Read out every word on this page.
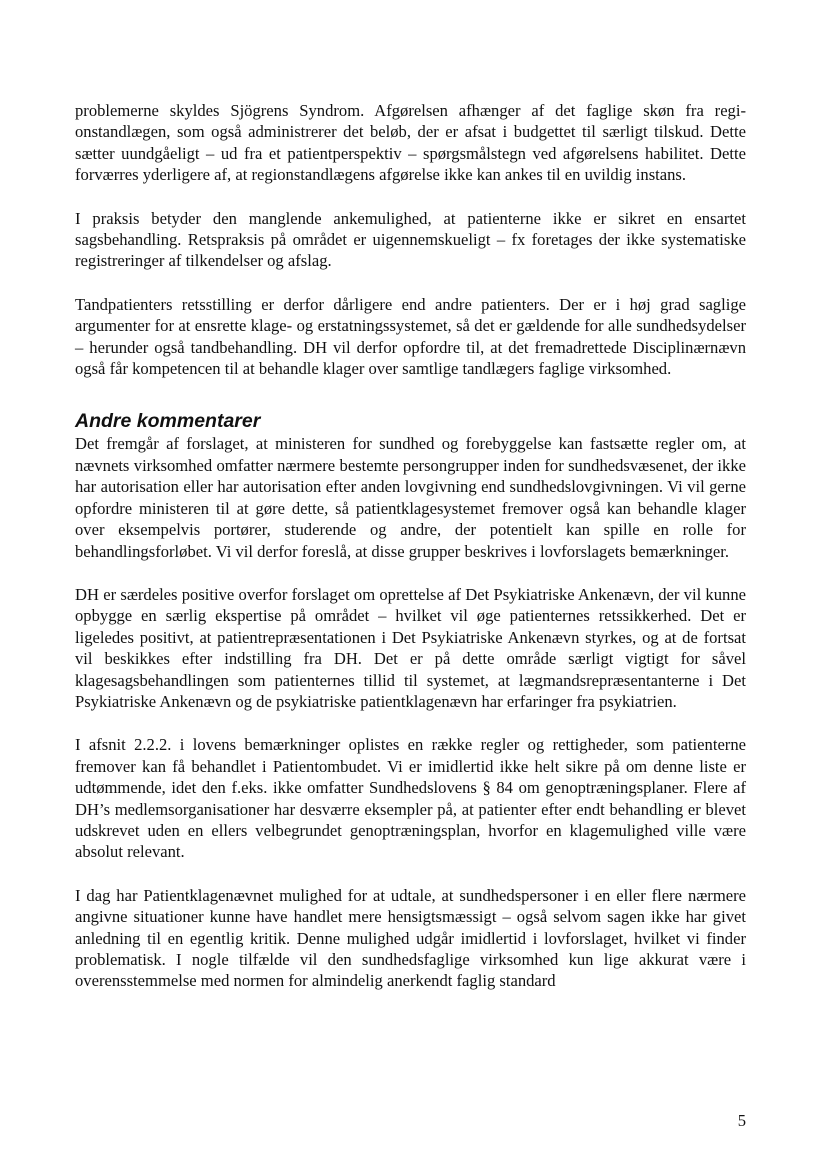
problemerne skyldes Sjögrens Syndrom. Afgørelsen afhænger af det faglige skøn fra regionstandlægen, som også administrerer det beløb, der er afsat i budgettet til særligt tilskud. Dette sætter uundgåeligt – ud fra et patientperspektiv – spørgsmålstegn ved afgørelsens habilitet. Dette forværres yderligere af, at regionstandlægens afgørelse ikke kan ankes til en uvildig instans.

I praksis betyder den manglende ankemulighed, at patienterne ikke er sikret en ensartet sagsbehandling. Retspraksis på området er uigennemskueligt – fx foretages der ikke systematiske registreringer af tilkendelser og afslag.

Tandpatienters retsstilling er derfor dårligere end andre patienters. Der er i høj grad saglige argumenter for at ensrette klage- og erstatningssystemet, så det er gældende for alle sundhedsydelser – herunder også tandbehandling. DH vil derfor opfordre til, at det fremadrettede Disciplinærnævn også får kompetencen til at behandle klager over samtlige tandlægers faglige virksomhed.

Andre kommentarer

Det fremgår af forslaget, at ministeren for sundhed og forebyggelse kan fastsætte regler om, at nævnets virksomhed omfatter nærmere bestemte persongrupper inden for sundhedsvæsenet, der ikke har autorisation eller har autorisation efter anden lovgivning end sundhedslovgivningen. Vi vil gerne opfordre ministeren til at gøre dette, så patientklagesystemet fremover også kan behandle klager over eksempelvis portører, studerende og andre, der potentielt kan spille en rolle for behandlingsforløbet. Vi vil derfor foreslå, at disse grupper beskrives i lovforslagets bemærkninger.

DH er særdeles positive overfor forslaget om oprettelse af Det Psykiatriske Ankenævn, der vil kunne opbygge en særlig ekspertise på området – hvilket vil øge patienternes retssikkerhed. Det er ligeledes positivt, at patientrepræsentationen i Det Psykiatriske Ankenævn styrkes, og at de fortsat vil beskikkes efter indstilling fra DH. Det er på dette område særligt vigtigt for såvel klagesagsbehandlingen som patienternes tillid til systemet, at lægmandsrepræsentanterne i Det Psykiatriske Ankenævn og de psykiatriske patientklagenævn har erfaringer fra psykiatrien.

I afsnit 2.2.2. i lovens bemærkninger oplistes en række regler og rettigheder, som patienterne fremover kan få behandlet i Patientombudet. Vi er imidlertid ikke helt sikre på om denne liste er udtømmende, idet den f.eks. ikke omfatter Sundhedslovens § 84 om genoptræningsplaner. Flere af DH’s medlemsorganisationer har desværre eksempler på, at patienter efter endt behandling er blevet udskrevet uden en ellers velbegrundet genoptræningsplan, hvorfor en klagemulighed ville være absolut relevant.

I dag har Patientklagenævnet mulighed for at udtale, at sundhedspersoner i en eller flere nærmere angivne situationer kunne have handlet mere hensigtsmæssigt – også selvom sagen ikke har givet anledning til en egentlig kritik. Denne mulighed udgår imidlertid i lovforslaget, hvilket vi finder problematisk. I nogle tilfælde vil den sundhedsfaglige virksomhed kun lige akkurat være i overensstemmelse med normen for almindelig anerkendt faglig standard

5
